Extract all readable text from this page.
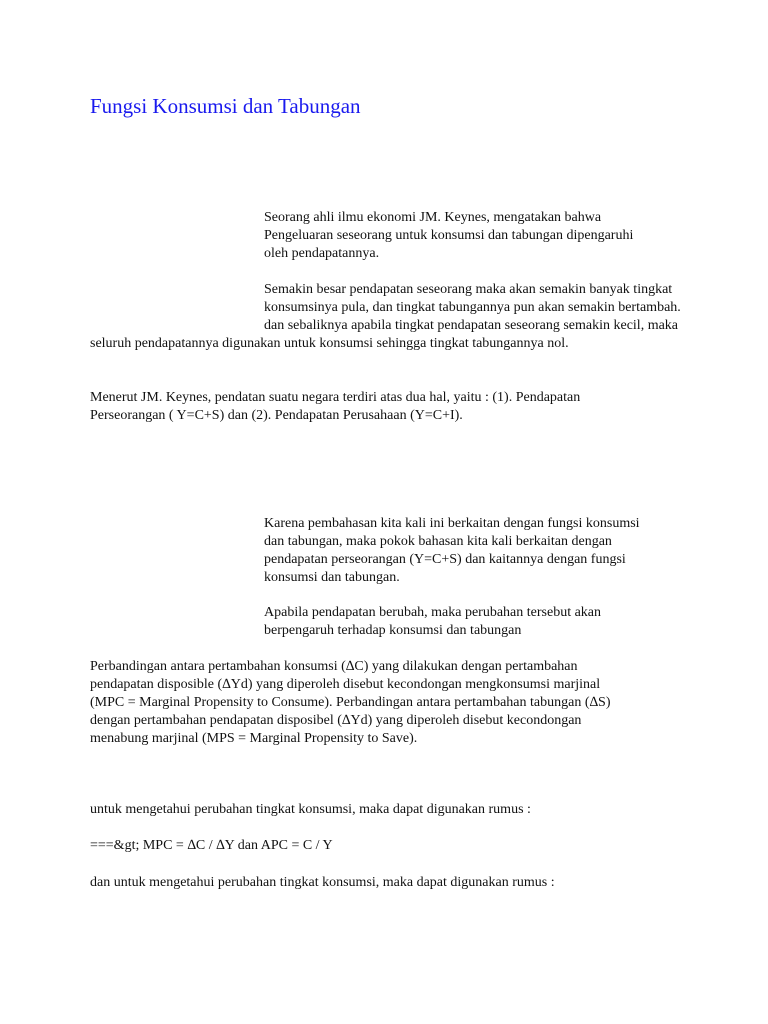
Fungsi Konsumsi dan Tabungan

Seorang ahli ilmu ekonomi JM. Keynes, mengatakan bahwa
Pengeluaran seseorang untuk konsumsi dan tabungan dipengaruhi
oleh pendapatannya.

Semakin besar pendapatan seseorang maka akan semakin banyak tingkat konsumsinya pula, dan tingkat tabungannya pun akan semakin bertambah. dan sebaliknya apabila tingkat pendapatan seseorang semakin kecil, maka seluruh pendapatannya digunakan untuk konsumsi sehingga tingkat tabungannya nol.

Menerut JM. Keynes, pendatan suatu negara terdiri atas dua hal, yaitu : (1). Pendapatan
Perseorangan ( Y=C+S) dan (2). Pendapatan Perusahaan (Y=C+I).

Karena pembahasan kita kali ini berkaitan dengan fungsi konsumsi
dan tabungan, maka pokok bahasan kita kali berkaitan dengan
pendapatan perseorangan (Y=C+S) dan kaitannya dengan fungsi
konsumsi dan tabungan.

Apabila pendapatan berubah, maka perubahan tersebut akan
berpengaruh terhadap konsumsi dan tabungan

Perbandingan antara pertambahan konsumsi (∆C) yang dilakukan dengan pertambahan
pendapatan disposible (∆Yd) yang diperoleh disebut kecondongan mengkonsumsi marjinal
(MPC = Marginal Propensity to Consume). Perbandingan antara pertambahan tabungan (∆S)
dengan pertambahan pendapatan disposibel (∆Yd) yang diperoleh disebut kecondongan
menabung marjinal (MPS = Marginal Propensity to Save).

untuk mengetahui perubahan tingkat konsumsi, maka dapat digunakan rumus :

===&gt; MPC = ∆C / ∆Y dan APC = C / Y

dan untuk mengetahui perubahan tingkat konsumsi, maka dapat digunakan rumus :
